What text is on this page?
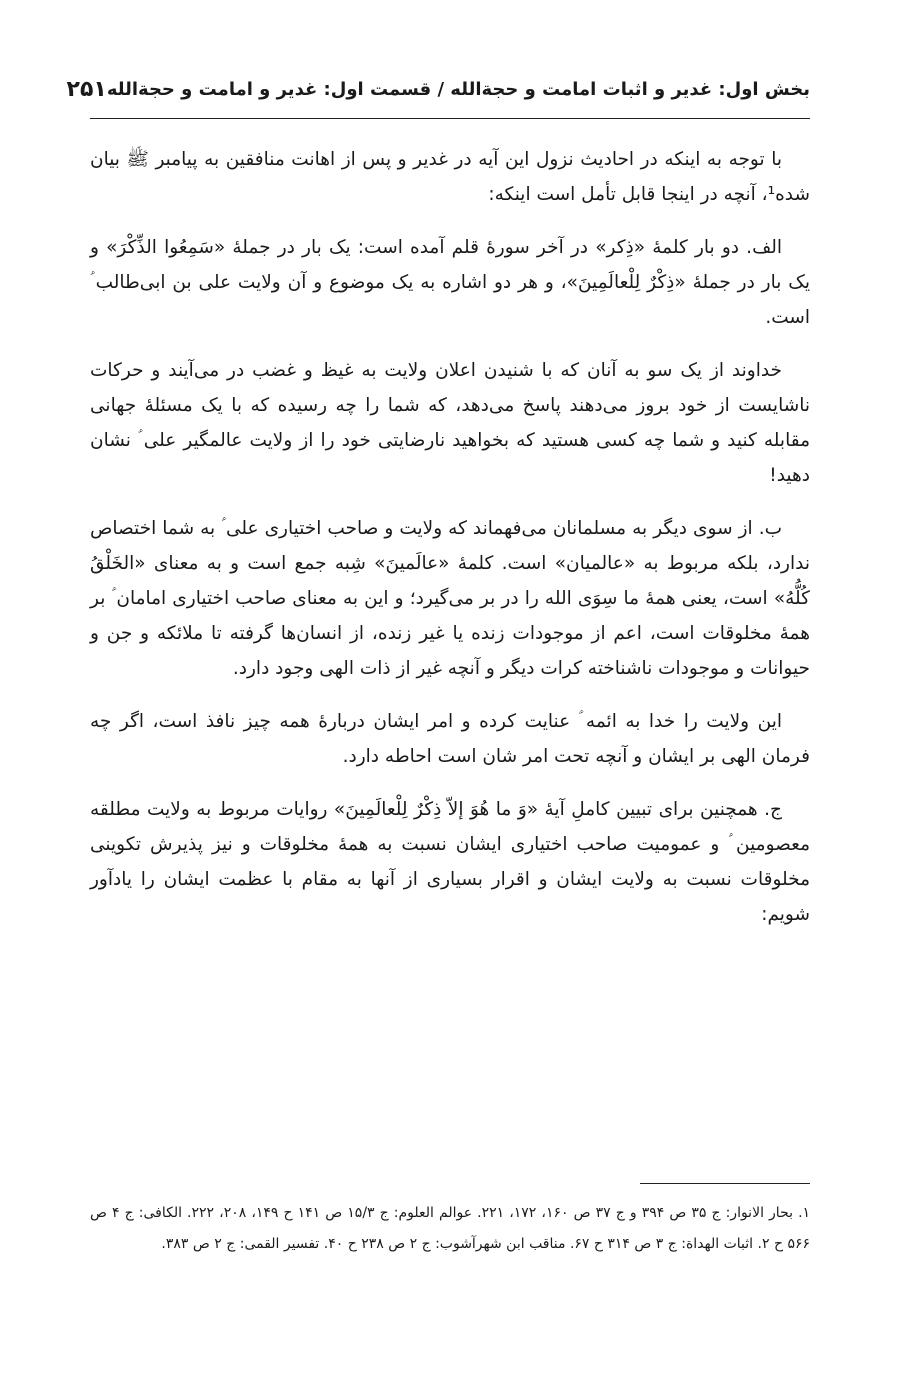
بخش اول: غدیر و اثبات امامت و حجةالله / قسمت اول: غدیر و امامت و حجةالله
۲۵۱

با توجه به اینکه در احادیث نزول این آیه در غدیر و پس از اهانت منافقین به پیامبر ﷺ بیان شده¹، آنچه در اینجا قابل تأمل است اینکه:

الف. دو بار کلمهٔ «ذِکر» در آخر سورهٔ قلم آمده است: یک بار در جملهٔ «سَمِعُوا الذِّکْرَ» و یک بار در جملهٔ «ذِکْرٌ لِلْعالَمِینَ»، و هر دو اشاره به یک موضوع و آن ولایت علی بن ابی‌طالب ؑ است.

خداوند از یک سو به آنان که با شنیدن اعلان ولایت به غیظ و غضب در می‌آیند و حرکات ناشایست از خود بروز می‌دهند پاسخ می‌دهد، که شما را چه رسیده که با یک مسئلهٔ جهانی مقابله کنید و شما چه کسی هستید که بخواهید نارضایتی خود را از ولایت عالمگیر علی ؑ نشان دهید!

ب. از سوی دیگر به مسلمانان می‌فهماند که ولایت و صاحب اختیاری علی ؑ به شما اختصاص ندارد، بلکه مربوط به «عالمیان» است. کلمهٔ «عالَمینَ» شِبه جمع است و به معنای «الخَلْقُ کُلُّهُ» است، یعنی همهٔ ما سِوَی الله را در بر می‌گیرد؛ و این به معنای صاحب اختیاری امامان ؑ بر همهٔ مخلوقات است، اعم از موجودات زنده یا غیر زنده، از انسان‌ها گرفته تا ملائکه و جن و حیوانات و موجودات ناشناخته کرات دیگر و آنچه غیر از ذات الهی وجود دارد.

این ولایت را خدا به ائمه ؑ عنایت کرده و امر ایشان دربارهٔ همه چیز نافذ است، اگر چه فرمان الهی بر ایشان و آنچه تحت امر شان است احاطه دارد.

ج. همچنین برای تبیین کاملِ آیهٔ «وَ ما هُوَ إلاّ ذِکْرٌ لِلْعالَمِینَ» روایات مربوط به ولایت مطلقه معصومین ؑ و عمومیت صاحب اختیاری ایشان نسبت به همهٔ مخلوقات و نیز پذیرش تکوینی مخلوقات نسبت به ولایت ایشان و اقرار بسیاری از آنها به مقام با عظمت ایشان را یادآور شویم:

۱. بحار الانوار: ج ۳۵ ص ۳۹۴ و ج ۳۷ ص ۱۶۰، ۱۷۲، ۲۲۱. عوالم العلوم: ج ۱۵/۳ ص ۱۴۱ ح ۱۴۹، ۲۰۸، ۲۲۲. الکافی: ج ۴ ص ۵۶۶ ح ۲. اثبات الهداة: ج ۳ ص ۳۱۴ ح ۶۷. مناقب ابن شهرآشوب: ج ۲ ص ۲۳۸ ح ۴۰. تفسیر القمی: ج ۲ ص ۳۸۳.
